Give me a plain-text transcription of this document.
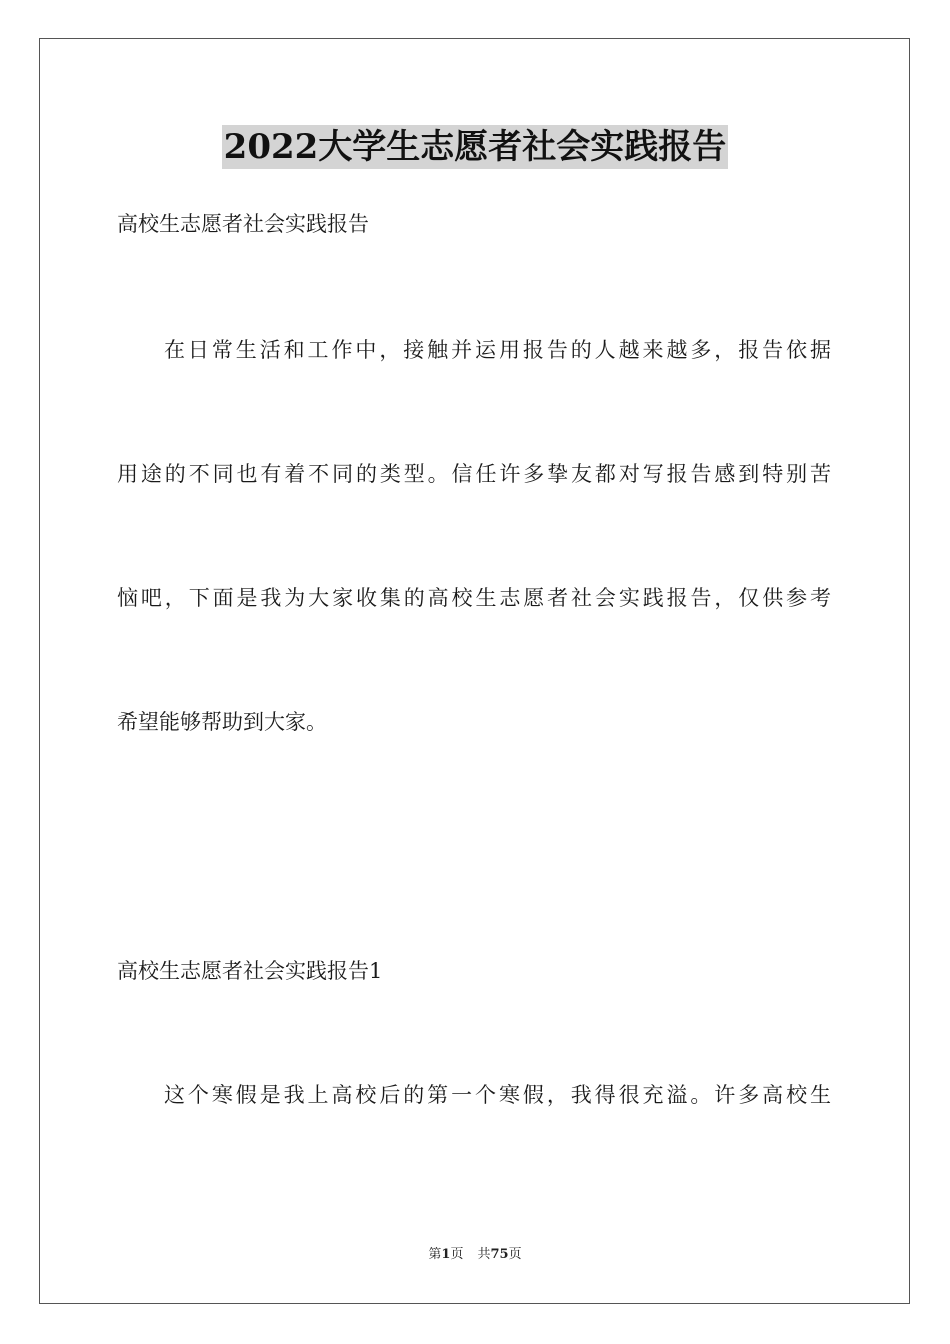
2022大学生志愿者社会实践报告
高校生志愿者社会实践报告
在日常生活和工作中，接触并运用报告的人越来越多，报告依据
用途的不同也有着不同的类型。信任许多挚友都对写报告感到特别苦
恼吧，下面是我为大家收集的高校生志愿者社会实践报告，仅供参考
希望能够帮助到大家。
高校生志愿者社会实践报告1
这个寒假是我上高校后的第一个寒假，我得很充溢。许多高校生
第1页 共75页
